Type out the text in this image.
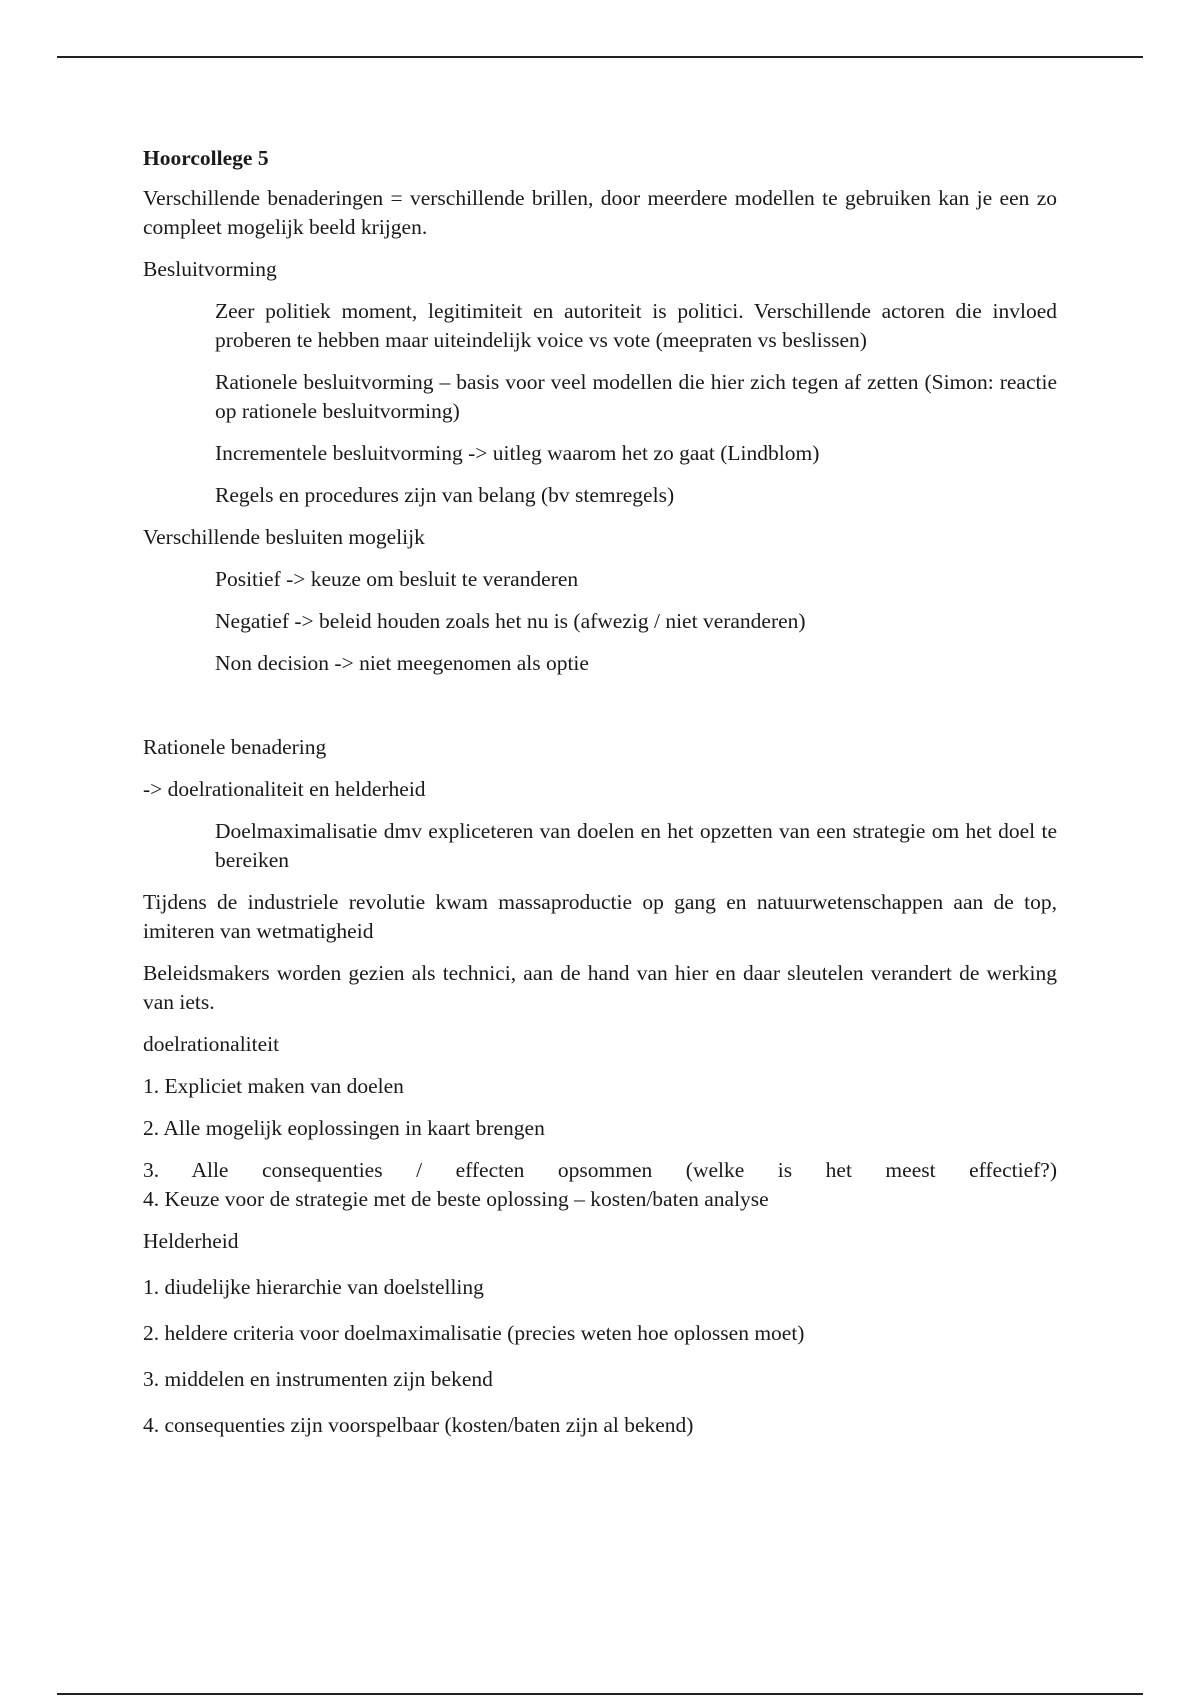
Hoorcollege 5

Verschillende benaderingen = verschillende brillen, door meerdere modellen te gebruiken kan je een zo compleet mogelijk beeld krijgen.

Besluitvorming

Zeer politiek moment, legitimiteit en autoriteit is politici. Verschillende actoren die invloed proberen te hebben maar uiteindelijk voice vs vote (meepraten vs beslissen)

Rationele besluitvorming – basis voor veel modellen die hier zich tegen af zetten (Simon: reactie op rationele besluitvorming)

Incrementele besluitvorming -> uitleg waarom het zo gaat (Lindblom)

Regels en procedures zijn van belang (bv stemregels)

Verschillende besluiten mogelijk

Positief -> keuze om besluit te veranderen

Negatief -> beleid houden zoals het nu is (afwezig / niet veranderen)

Non decision -> niet meegenomen als optie

Rationele benadering

-> doelrationaliteit en helderheid

Doelmaximalisatie dmv expliceteren van doelen en het opzetten van een strategie om het doel te bereiken

Tijdens de industriele revolutie kwam massaproductie op gang en natuurwetenschappen aan de top, imiteren van wetmatigheid

Beleidsmakers worden gezien als technici, aan de hand van hier en daar sleutelen verandert de werking van iets.

doelrationaliteit

1. Expliciet maken van doelen

2. Alle mogelijk eoplossingen in kaart brengen

3. Alle consequenties / effecten opsommen (welke is het meest effectief?)

4. Keuze voor de strategie met de beste oplossing – kosten/baten analyse

Helderheid

1. diudelijke hierarchie van doelstelling

2. heldere criteria voor doelmaximalisatie (precies weten hoe oplossen moet)

3. middelen en instrumenten zijn bekend

4. consequenties zijn voorspelbaar (kosten/baten zijn al bekend)
